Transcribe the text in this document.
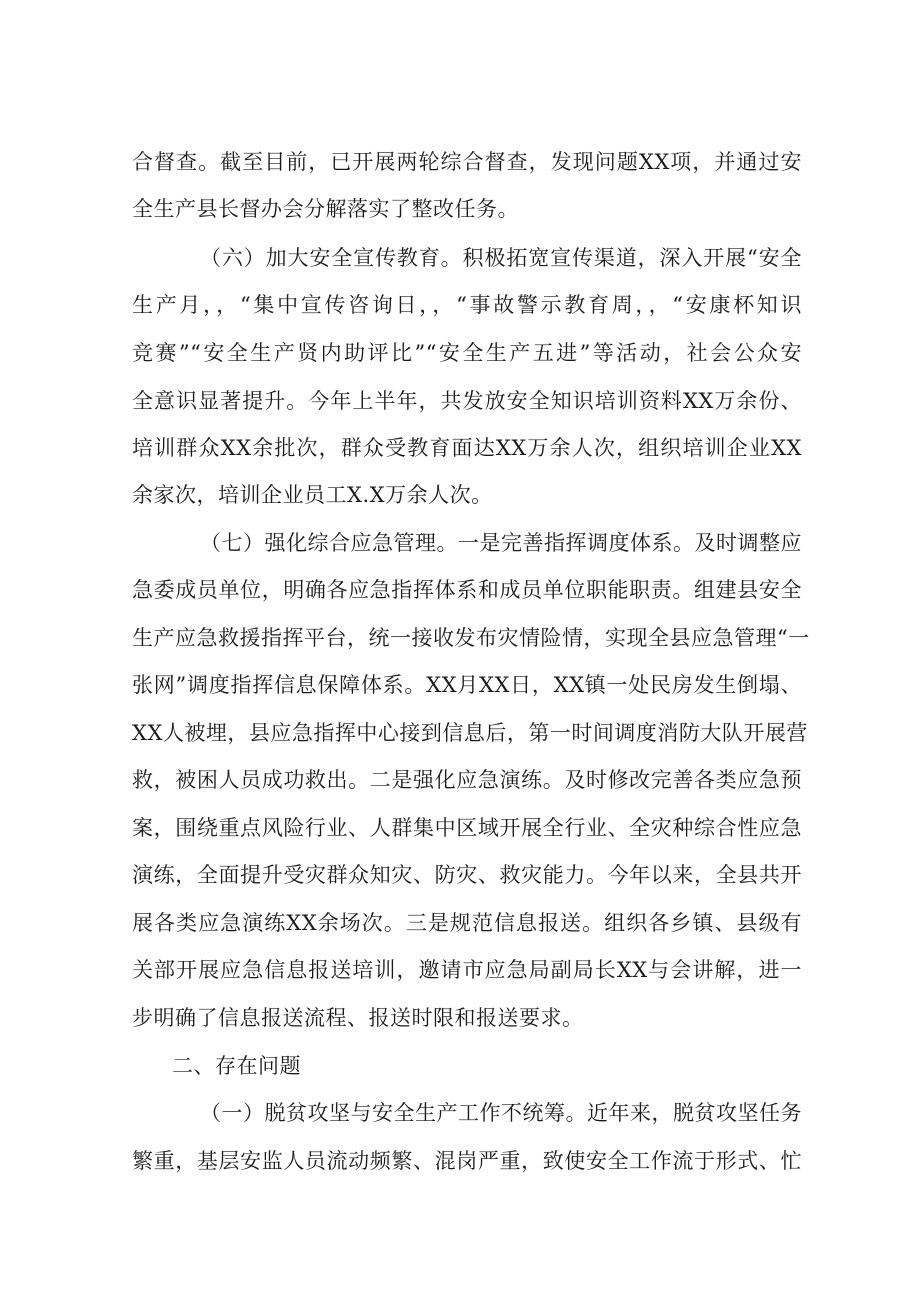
合督查。截至目前，已开展两轮综合督查，发现问题XX项，并通过安
全生产县长督办会分解落实了整改任务。
（六）加大安全宣传教育。积极拓宽宣传渠道，深入开展“安全
生产月，，“集中宣传咨询日，，“事故警示教育周，，“安康杯知识
竞赛”“安全生产贤内助评比”“安全生产五进”等活动，社会公众安
全意识显著提升。今年上半年，共发放安全知识培训资料XX万余份、
培训群众XX余批次，群众受教育面达XX万余人次，组织培训企业XX
余家次，培训企业员工X.X万余人次。
（七）强化综合应急管理。一是完善指挥调度体系。及时调整应
急委成员单位，明确各应急指挥体系和成员单位职能职责。组建县安全
生产应急救援指挥平台，统一接收发布灾情险情，实现全县应急管理“一
张网”调度指挥信息保障体系。XX月XX日，XX镇一处民房发生倒塌、
XX人被埋，县应急指挥中心接到信息后，第一时间调度消防大队开展营
救，被困人员成功救出。二是强化应急演练。及时修改完善各类应急预
案，围绕重点风险行业、人群集中区域开展全行业、全灾种综合性应急
演练，全面提升受灾群众知灾、防灾、救灾能力。今年以来，全县共开
展各类应急演练XX余场次。三是规范信息报送。组织各乡镇、县级有
关部开展应急信息报送培训，邀请市应急局副局长XX与会讲解，进一
步明确了信息报送流程、报送时限和报送要求。
二、存在问题
（一）脱贫攻坚与安全生产工作不统筹。近年来，脱贫攻坚任务
繁重，基层安监人员流动频繁、混岗严重，致使安全工作流于形式、忙
